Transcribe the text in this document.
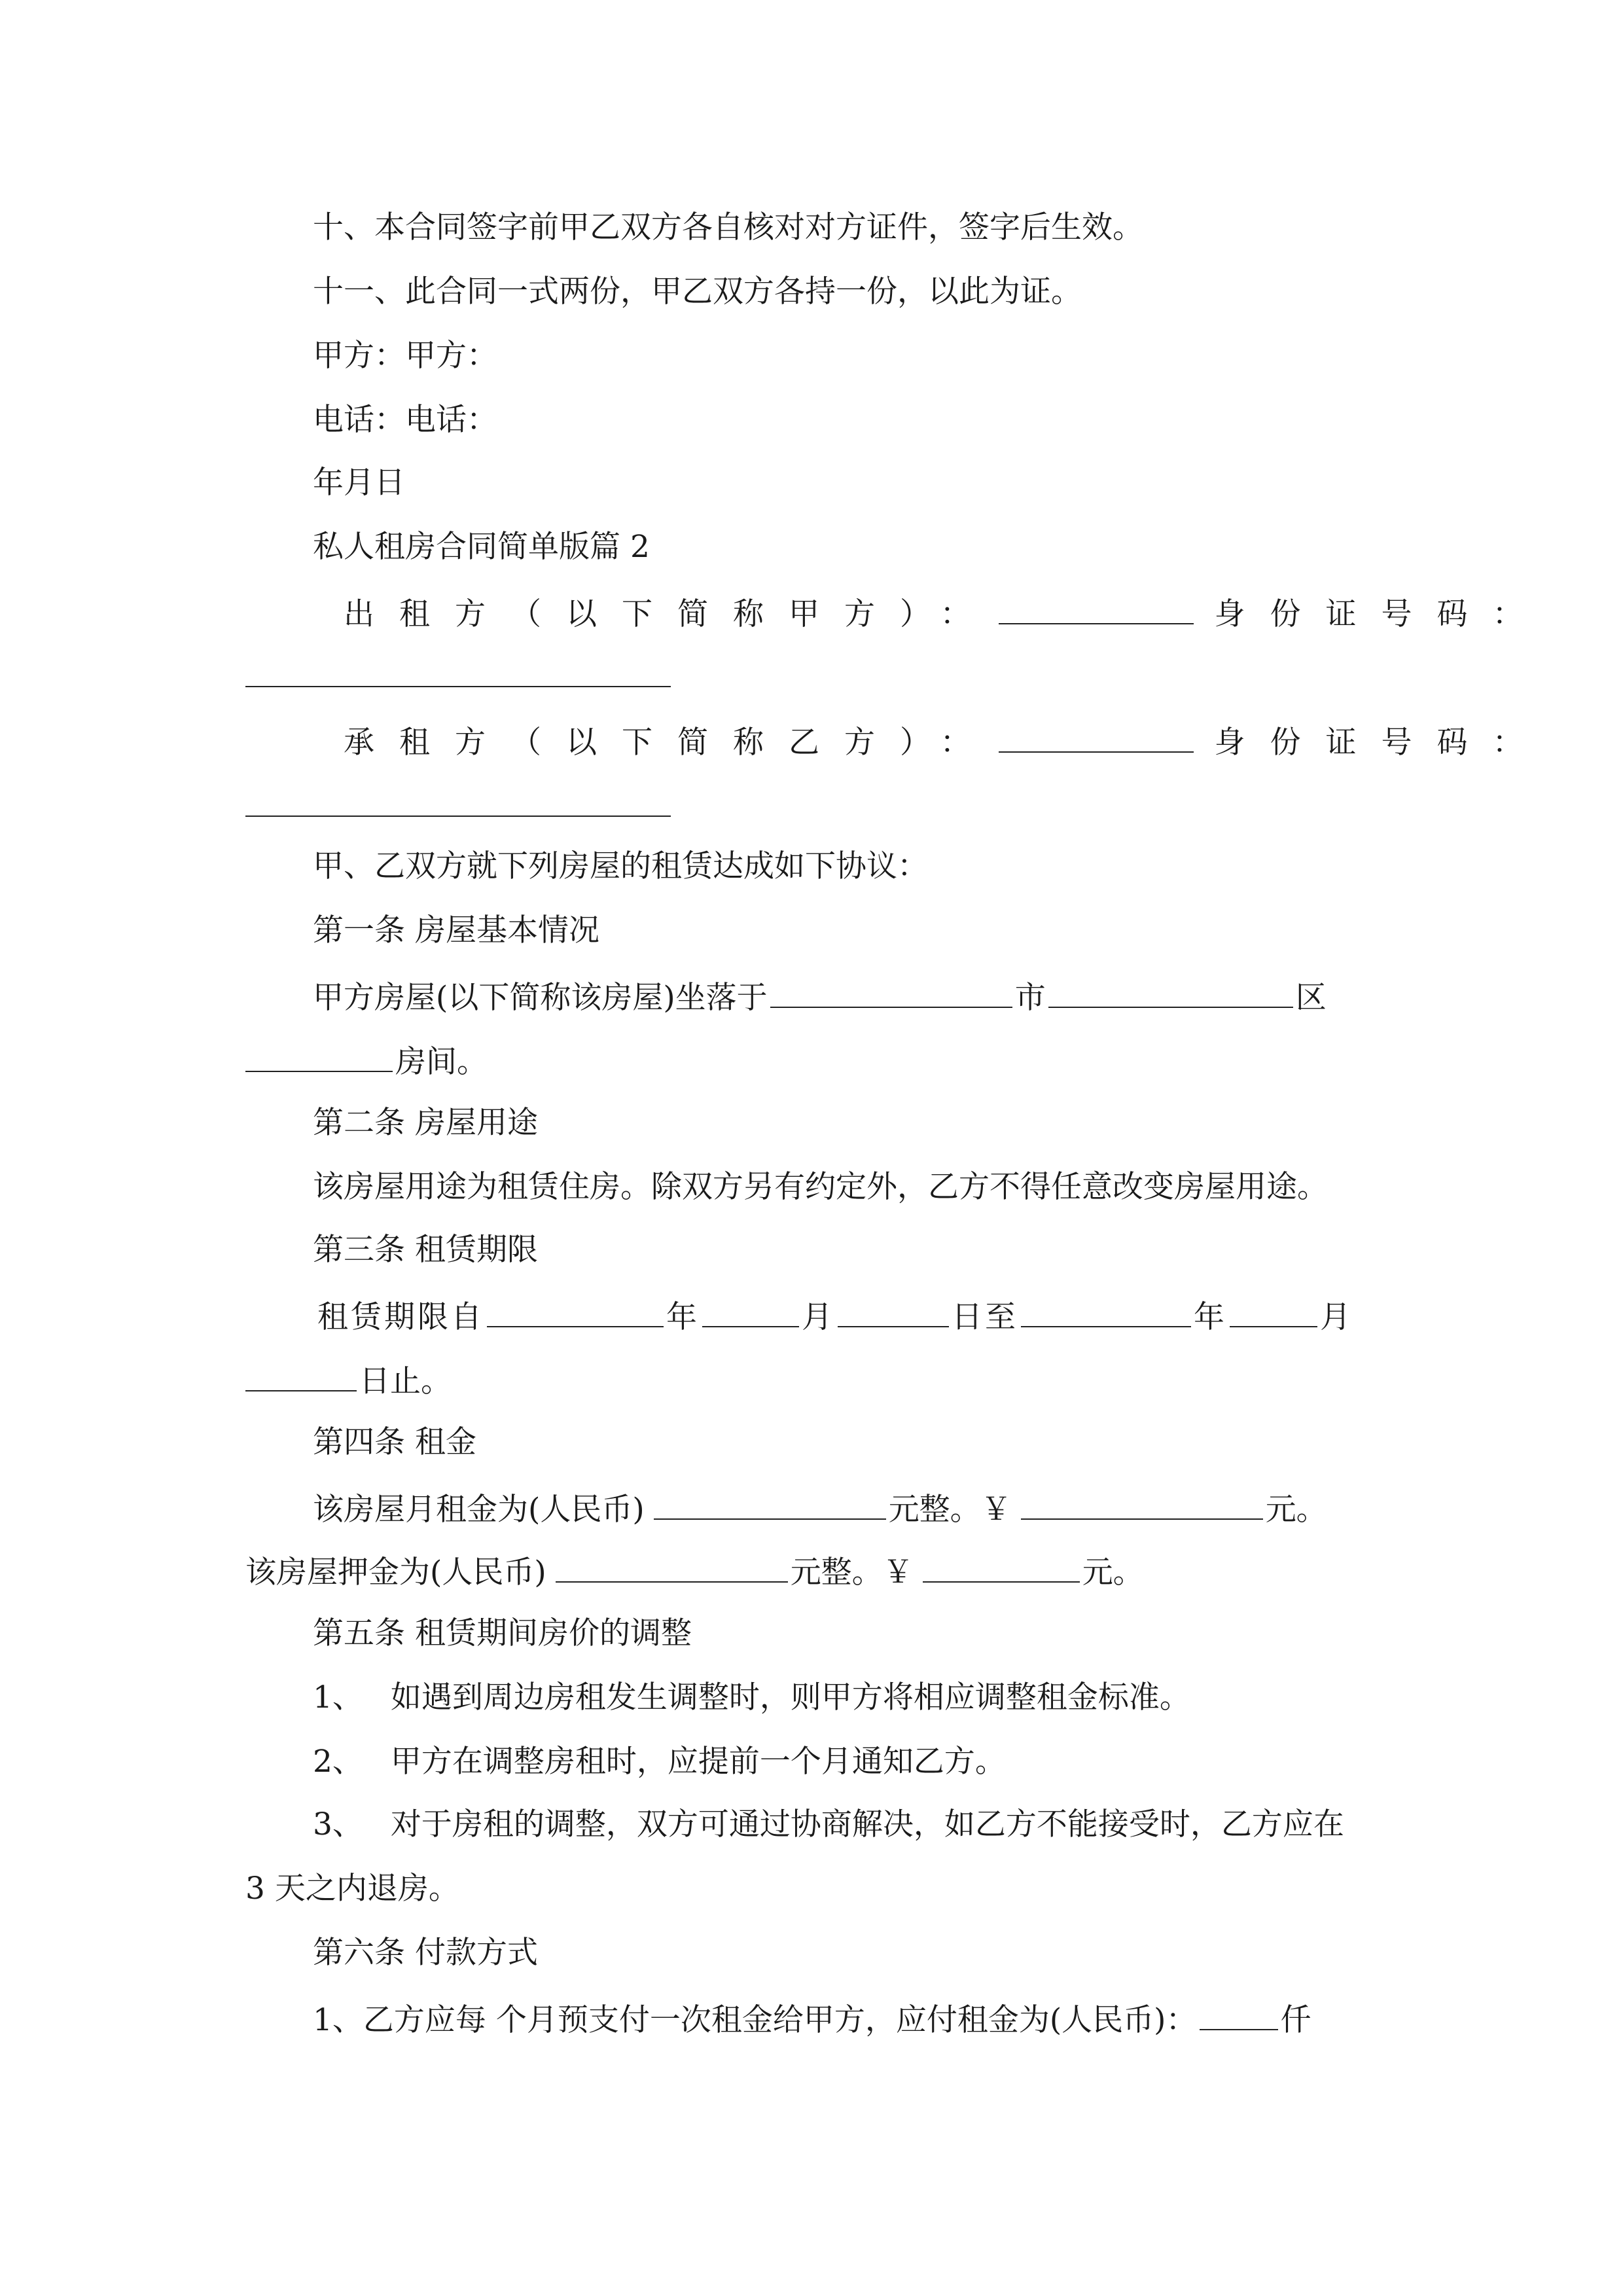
十、本合同签字前甲乙双方各自核对对方证件，签字后生效。
十一、此合同一式两份，甲乙双方各持一份，以此为证。
甲方：甲方：
电话：电话：
年月日
私人租房合同简单版篇 2
出租方（以下简称甲方）：	身份证号码：
承租方（以下简称乙方）：	身份证号码：
甲、乙双方就下列房屋的租赁达成如下协议：
第一条 房屋基本情况
甲方房屋(以下简称该房屋)坐落于	市	区
房间。
第二条 房屋用途
该房屋用途为租赁住房。除双方另有约定外，乙方不得任意改变房屋用途。
第三条 租赁期限
租赁期限自	年	月	日至	年	月
日止。
第四条 租金
该房屋月租金为(人民币)	元整。￥	元。
该房屋押金为(人民币)	元整。￥	元。
第五条 租赁期间房价的调整
1、 如遇到周边房租发生调整时，则甲方将相应调整租金标准。
2、 甲方在调整房租时，应提前一个月通知乙方。
3、 对于房租的调整，双方可通过协商解决，如乙方不能接受时，乙方应在
3 天之内退房。
第六条 付款方式
1、乙方应每 个月预支付一次租金给甲方，应付租金为(人民币)：	仟
